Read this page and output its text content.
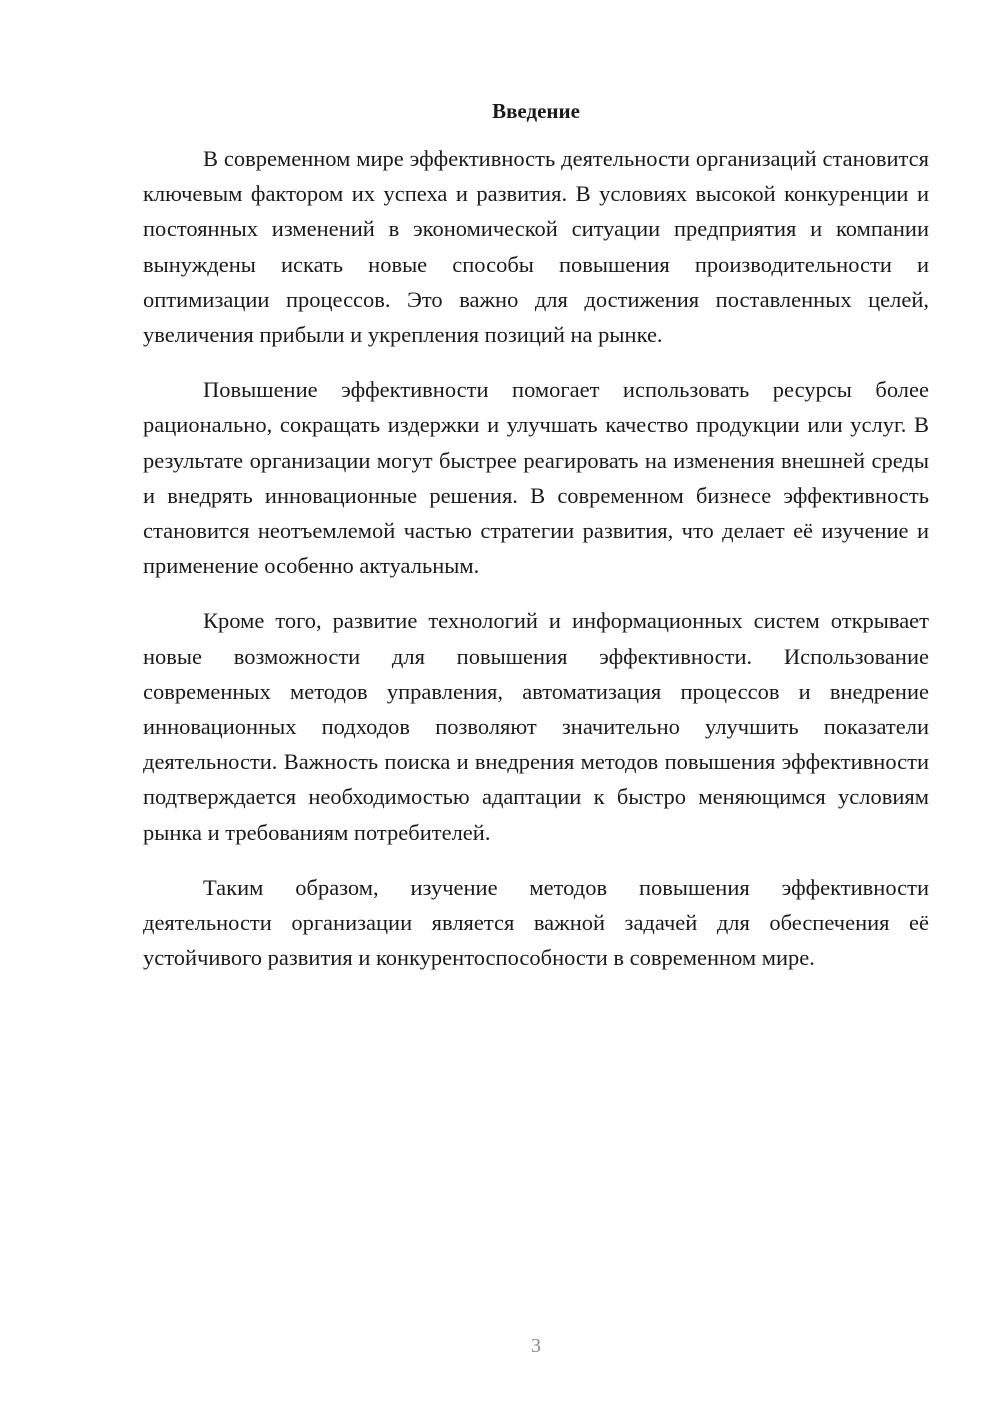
Введение

В современном мире эффективность деятельности организаций становится ключевым фактором их успеха и развития. В условиях высокой конкуренции и постоянных изменений в экономической ситуации предприятия и компании вынуждены искать новые способы повышения производительности и оптимизации процессов. Это важно для достижения поставленных целей, увеличения прибыли и укрепления позиций на рынке.

Повышение эффективности помогает использовать ресурсы более рационально, сокращать издержки и улучшать качество продукции или услуг. В результате организации могут быстрее реагировать на изменения внешней среды и внедрять инновационные решения. В современном бизнесе эффективность становится неотъемлемой частью стратегии развития, что делает её изучение и применение особенно актуальным.

Кроме того, развитие технологий и информационных систем открывает новые возможности для повышения эффективности. Использование современных методов управления, автоматизация процессов и внедрение инновационных подходов позволяют значительно улучшить показатели деятельности. Важность поиска и внедрения методов повышения эффективности подтверждается необходимостью адаптации к быстро меняющимся условиям рынка и требованиям потребителей.

Таким образом, изучение методов повышения эффективности деятельности организации является важной задачей для обеспечения её устойчивого развития и конкурентоспособности в современном мире.

3
